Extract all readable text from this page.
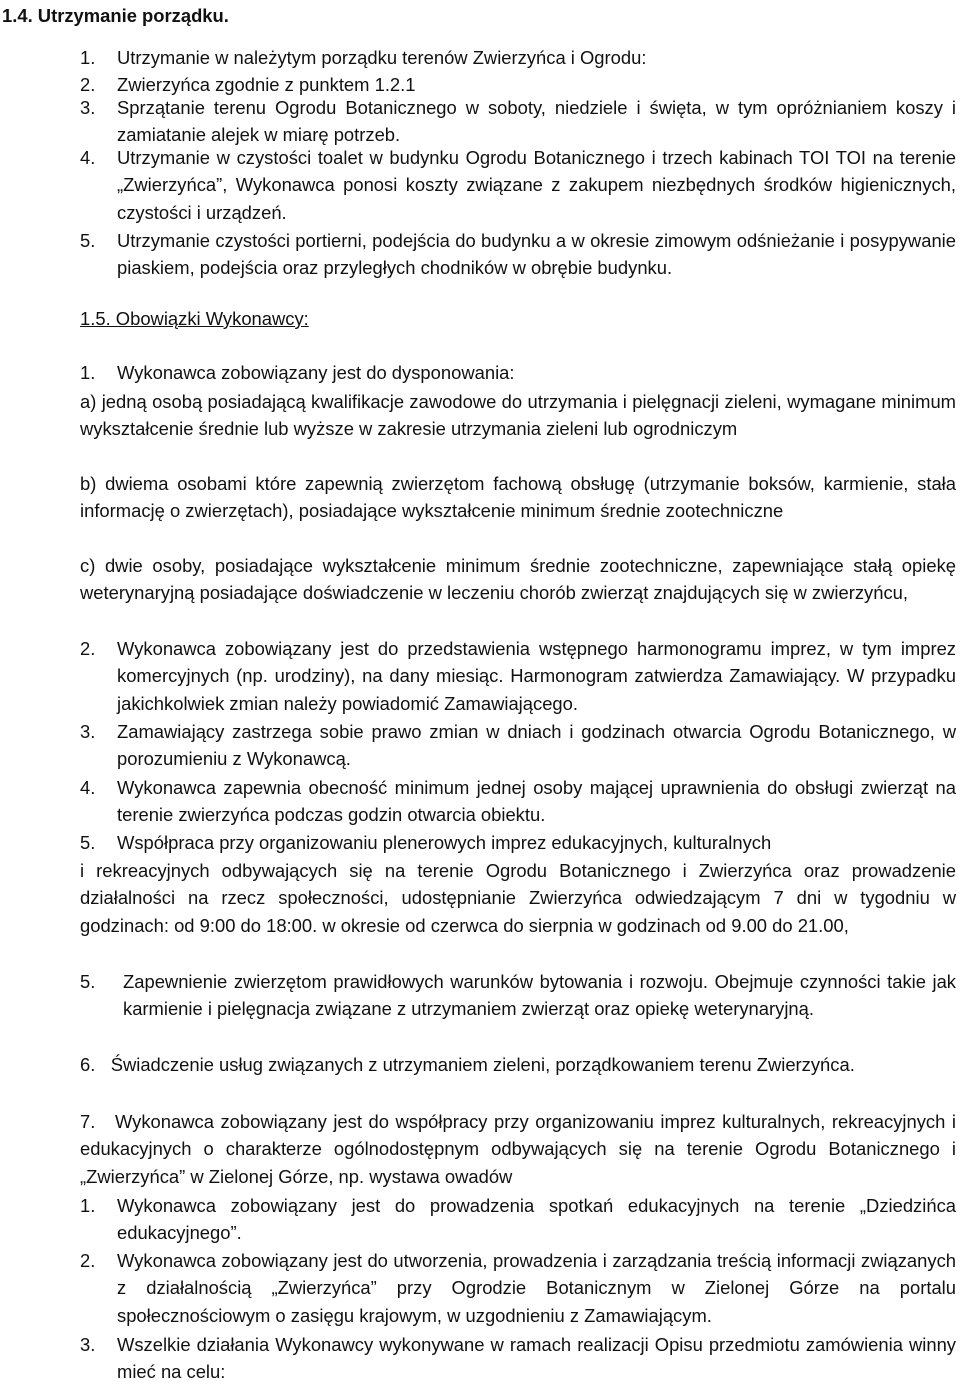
1.4. Utrzymanie porządku.
1. Utrzymanie w należytym porządku terenów Zwierzyńca i Ogrodu:
2. Zwierzyńca zgodnie z punktem 1.2.1
3. Sprzątanie terenu Ogrodu Botanicznego w soboty, niedziele i święta, w tym opróżnianiem koszy i zamiatanie alejek w miarę potrzeb.
4. Utrzymanie w czystości toalet w budynku Ogrodu Botanicznego i trzech kabinach TOI TOI na terenie „Zwierzyńca”, Wykonawca ponosi koszty związane z zakupem niezbędnych środków higienicznych, czystości i urządzeń.
5. Utrzymanie czystości portierni, podejścia do budynku a w okresie zimowym odśnieżanie i posypywanie piaskiem, podejścia oraz przyległych chodników w obrębie budynku.
1.5. Obowiązki Wykonawcy:
1. Wykonawca zobowiązany jest do dysponowania:
a) jedną osobą posiadającą kwalifikacje zawodowe do utrzymania i pielęgnacji zieleni, wymagane minimum wykształcenie średnie lub wyższe w zakresie utrzymania zieleni lub ogrodniczym
b) dwiema osobami które zapewnią zwierzętom fachową obsługę (utrzymanie boksów, karmienie, stała informację o zwierzętach), posiadające wykształcenie minimum średnie zootechniczne
c) dwie osoby, posiadające wykształcenie minimum średnie zootechniczne, zapewniające stałą opiekę weterynaryjną posiadające doświadczenie w leczeniu chorób zwierząt znajdujących się w zwierzyńcu,
2. Wykonawca zobowiązany jest do przedstawienia wstępnego harmonogramu imprez, w tym imprez komercyjnych (np. urodziny), na dany miesiąc. Harmonogram zatwierdza Zamawiający. W przypadku jakichkolwiek zmian należy powiadomić Zamawiającego.
3. Zamawiający zastrzega sobie prawo zmian w dniach i godzinach otwarcia Ogrodu Botanicznego, w porozumieniu z Wykonawcą.
4. Wykonawca zapewnia obecność minimum jednej osoby mającej uprawnienia do obsługi zwierząt na terenie zwierzyńca podczas godzin otwarcia obiektu.
5. Współpraca przy organizowaniu plenerowych imprez edukacyjnych, kulturalnych
i rekreacyjnych odbywających się na terenie Ogrodu Botanicznego i Zwierzyńca oraz prowadzenie działalności na rzecz społeczności, udostępnianie Zwierzyńca odwiedzającym 7 dni w tygodniu w godzinach: od 9:00 do 18:00. w okresie od czerwca do sierpnia w godzinach od 9.00 do 21.00,
5. Zapewnienie zwierzętom prawidłowych warunków bytowania i rozwoju. Obejmuje czynności takie jak karmienie i pielęgnacja związane z utrzymaniem zwierząt oraz opiekę weterynaryjną.
6. Świadczenie usług związanych z utrzymaniem zieleni, porządkowaniem terenu Zwierzyńca.
7. Wykonawca zobowiązany jest do współpracy przy organizowaniu imprez kulturalnych, rekreacyjnych i edukacyjnych o charakterze ogólnodostępnym odbywających się na terenie Ogrodu Botanicznego i „Zwierzyńca” w Zielonej Górze, np. wystawa owadów
1. Wykonawca zobowiązany jest do prowadzenia spotkań edukacyjnych na terenie „Dziedzińca edukacyjnego”.
2. Wykonawca zobowiązany jest do utworzenia, prowadzenia i zarządzania treścią informacji związanych z działalnością „Zwierzyńca” przy Ogrodzie Botanicznym w Zielonej Górze na portalu społecznościowym o zasięgu krajowym, w uzgodnieniu z Zamawiającym.
3. Wszelkie działania Wykonawcy wykonywane w ramach realizacji Opisu przedmiotu zamówienia winny mieć na celu:
